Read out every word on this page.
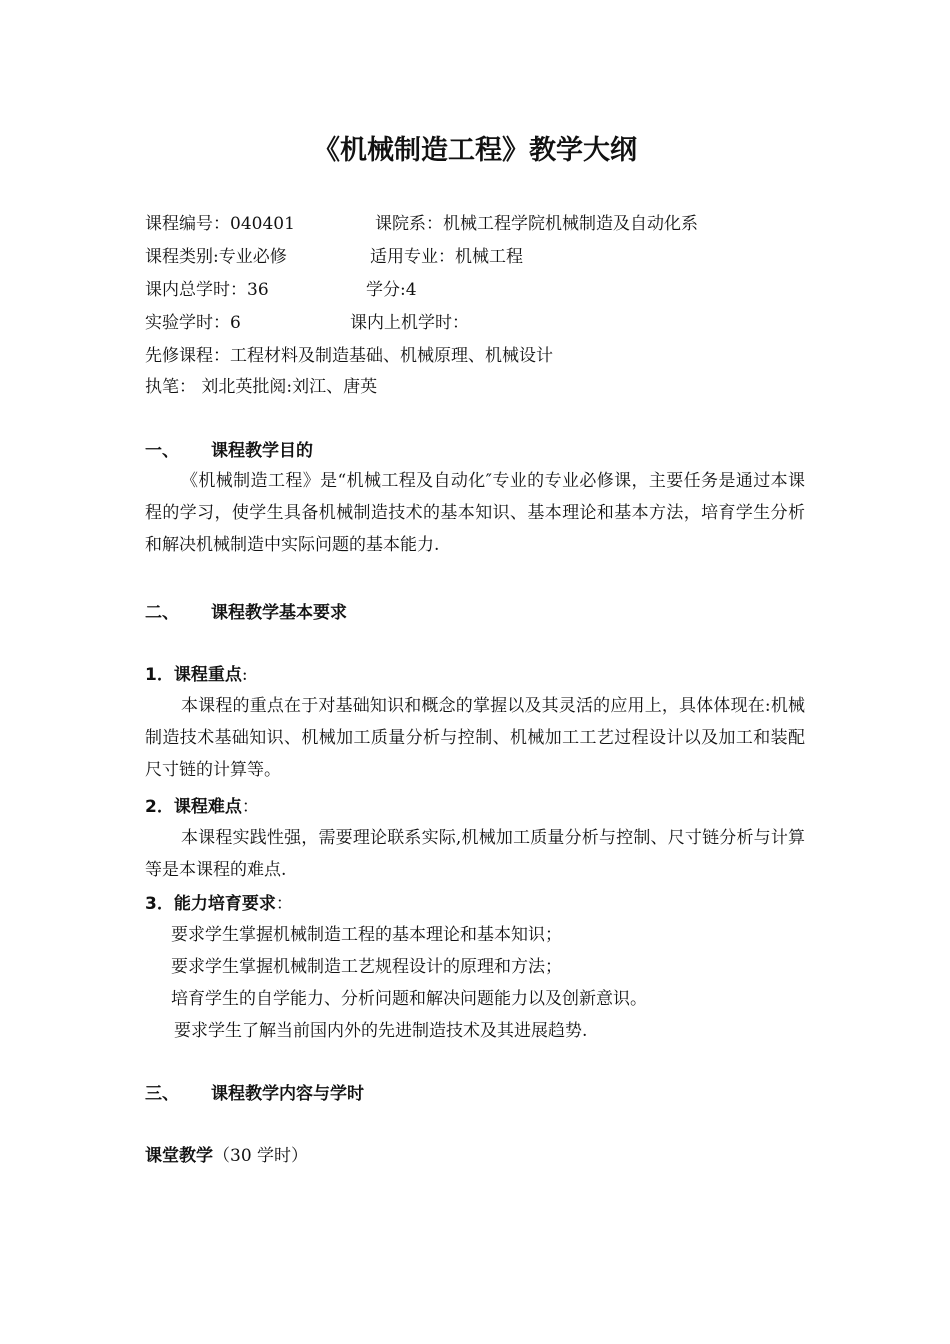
《机械制造工程》教学大纲
课程编号：040401	课院系：机械工程学院机械制造及自动化系
课程类别:专业必修	适用专业：机械工程
课内总学时：36	学分:4
实验学时：6	课内上机学时：
先修课程：工程材料及制造基础、机械原理、机械设计
执笔： 刘北英批阅:刘江、唐英
一、 课程教学目的
《机械制造工程》是“机械工程及自动化″专业的专业必修课，主要任务是通过本课程的学习，使学生具备机械制造技术的基本知识、基本理论和基本方法，培育学生分析和解决机械制造中实际问题的基本能力.
二、 课程教学基本要求
1．课程重点:
本课程的重点在于对基础知识和概念的掌握以及其灵活的应用上，具体体现在:机械制造技术基础知识、机械加工质量分析与控制、机械加工工艺过程设计以及加工和装配尺寸链的计算等。
2．课程难点：
本课程实践性强，需要理论联系实际,机械加工质量分析与控制、尺寸链分析与计算等是本课程的难点.
3．能力培育要求：
要求学生掌握机械制造工程的基本理论和基本知识；
要求学生掌握机械制造工艺规程设计的原理和方法；
培育学生的自学能力、分析问题和解决问题能力以及创新意识。
要求学生了解当前国内外的先进制造技术及其进展趋势.
三、 课程教学内容与学时
课堂教学（30 学时）
